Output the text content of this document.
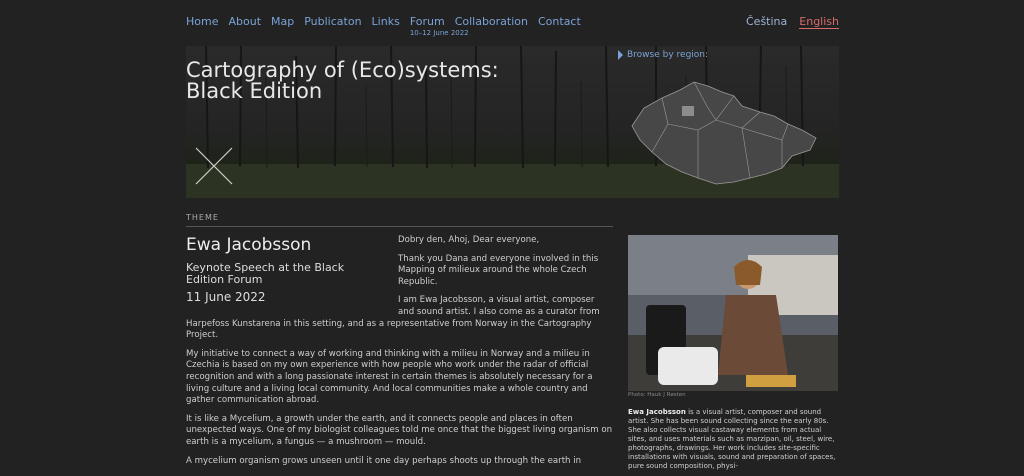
Home About Map Publicaton Links Forum
10–12 June 2022
Collaboration Contact	Čeština English
Cartography of (Eco)systems: Black Edition
Browse by region:
THEME

Dobry den, Ahoj, Dear everyone,

Thank you Dana and everyone involved in this Mapping of milieux around the whole Czech Republic.

I am Ewa Jacobsson, a visual artist, composer and sound artist. I also come as a curator from Harpefoss Kunstarena in this setting, and as a representative from Norway in the Cartography Project.

My initiative to connect a way of working and thinking with a milieu in Norway and a milieu in Czechia is based on my own experience with how people who work under the radar of official recognition and with a long passionate interest in certain themes is absolutely necessary for a living culture and a living local community. And local communities make a whole country and gather communication abroad.

It is like a Mycelium, a growth under the earth, and it connects people and places in often unexpected ways. One of my biologist colleagues told me once that the biggest living organism on earth is a mycelium, a fungus — a mushroom — mould.

A mycelium organism grows unseen until it one day perhaps shoots up through the earth in

Ewa Jacobsson
Keynote Speech at the Black Edition Forum
11 June 2022
Photo: Hauk J Røsten
Ewa Jacobsson is a visual artist, composer and sound artist. She has been sound collecting since the early 80s. She also collects visual castaway elements from actual sites, and uses materials such as marzipan, oil, steel, wire, photographs, drawings. Her work includes site-specific installations with visuals, sound and preparation of spaces, pure sound composition, physi-
